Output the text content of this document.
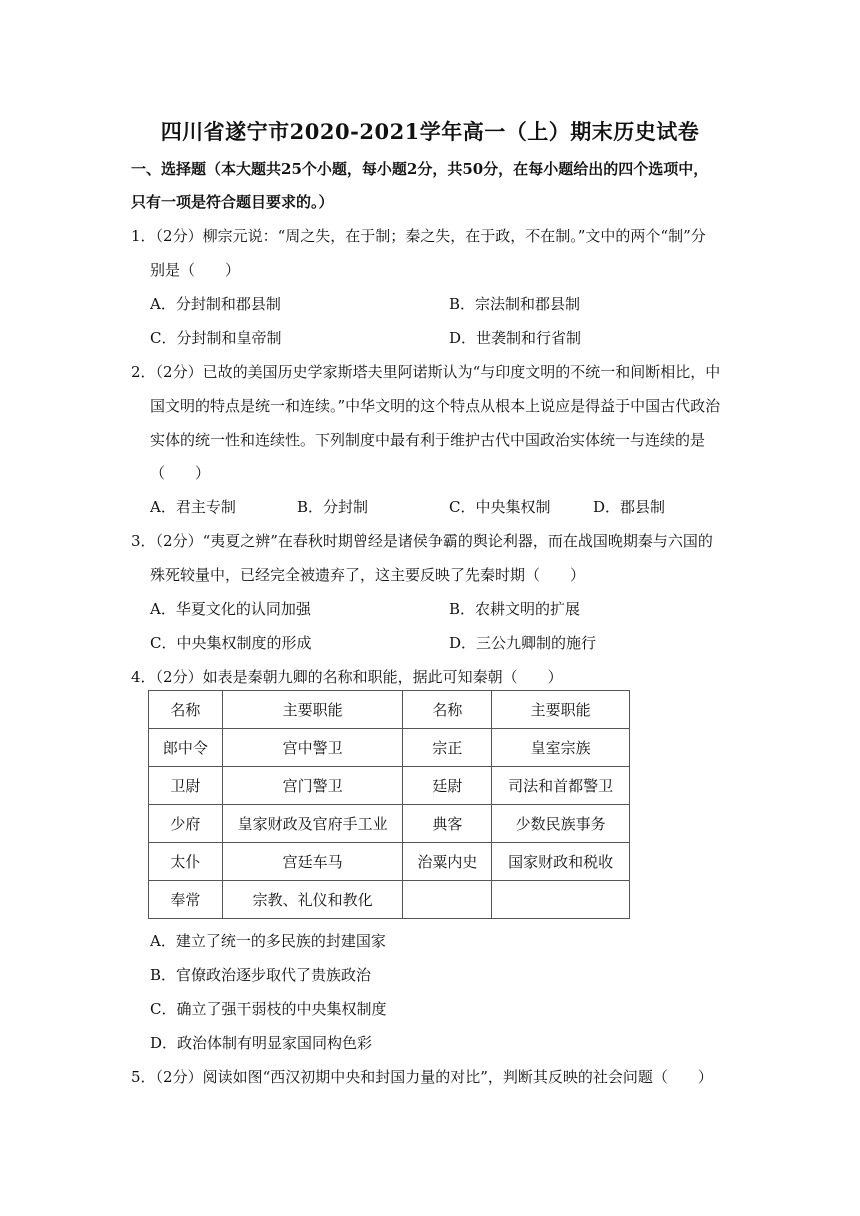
四川省遂宁市2020-2021学年高一（上）期末历史试卷
一、选择题（本大题共25个小题，每小题2分，共50分，在每小题给出的四个选项中，
只有一项是符合题目要求的。）
1．（2分）柳宗元说：“周之失，在于制；秦之失，在于政，不在制。”文中的两个“制”分
别是（　　）
A．分封制和郡县制	B．宗法制和郡县制
C．分封制和皇帝制	D．世袭制和行省制
2．（2分）已故的美国历史学家斯塔夫里阿诺斯认为“与印度文明的不统一和间断相比，中
国文明的特点是统一和连续。”中华文明的这个特点从根本上说应是得益于中国古代政治
实体的统一性和连续性。下列制度中最有利于维护古代中国政治实体统一与连续的是
（　　）
A．君主专制	B．分封制	C．中央集权制	D．郡县制
3．（2分）“夷夏之辨”在春秋时期曾经是诸侯争霸的舆论利器，而在战国晚期秦与六国的
殊死较量中，已经完全被遗弃了，这主要反映了先秦时期（　　）
A．华夏文化的认同加强	B．农耕文明的扩展
C．中央集权制度的形成	D．三公九卿制的施行
4．（2分）如表是秦朝九卿的名称和职能，据此可知秦朝（　　）
名称	主要职能	名称	主要职能
郎中令	宫中警卫	宗正	皇室宗族
卫尉	宫门警卫	廷尉	司法和首都警卫
少府	皇家财政及官府手工业	典客	少数民族事务
太仆	宫廷车马	治粟内史	国家财政和税收
奉常	宗教、礼仪和教化		
A．建立了统一的多民族的封建国家
B．官僚政治逐步取代了贵族政治
C．确立了强干弱枝的中央集权制度
D．政治体制有明显家国同构色彩
5．（2分）阅读如图“西汉初期中央和封国力量的对比”，判断其反映的社会问题（　　）
